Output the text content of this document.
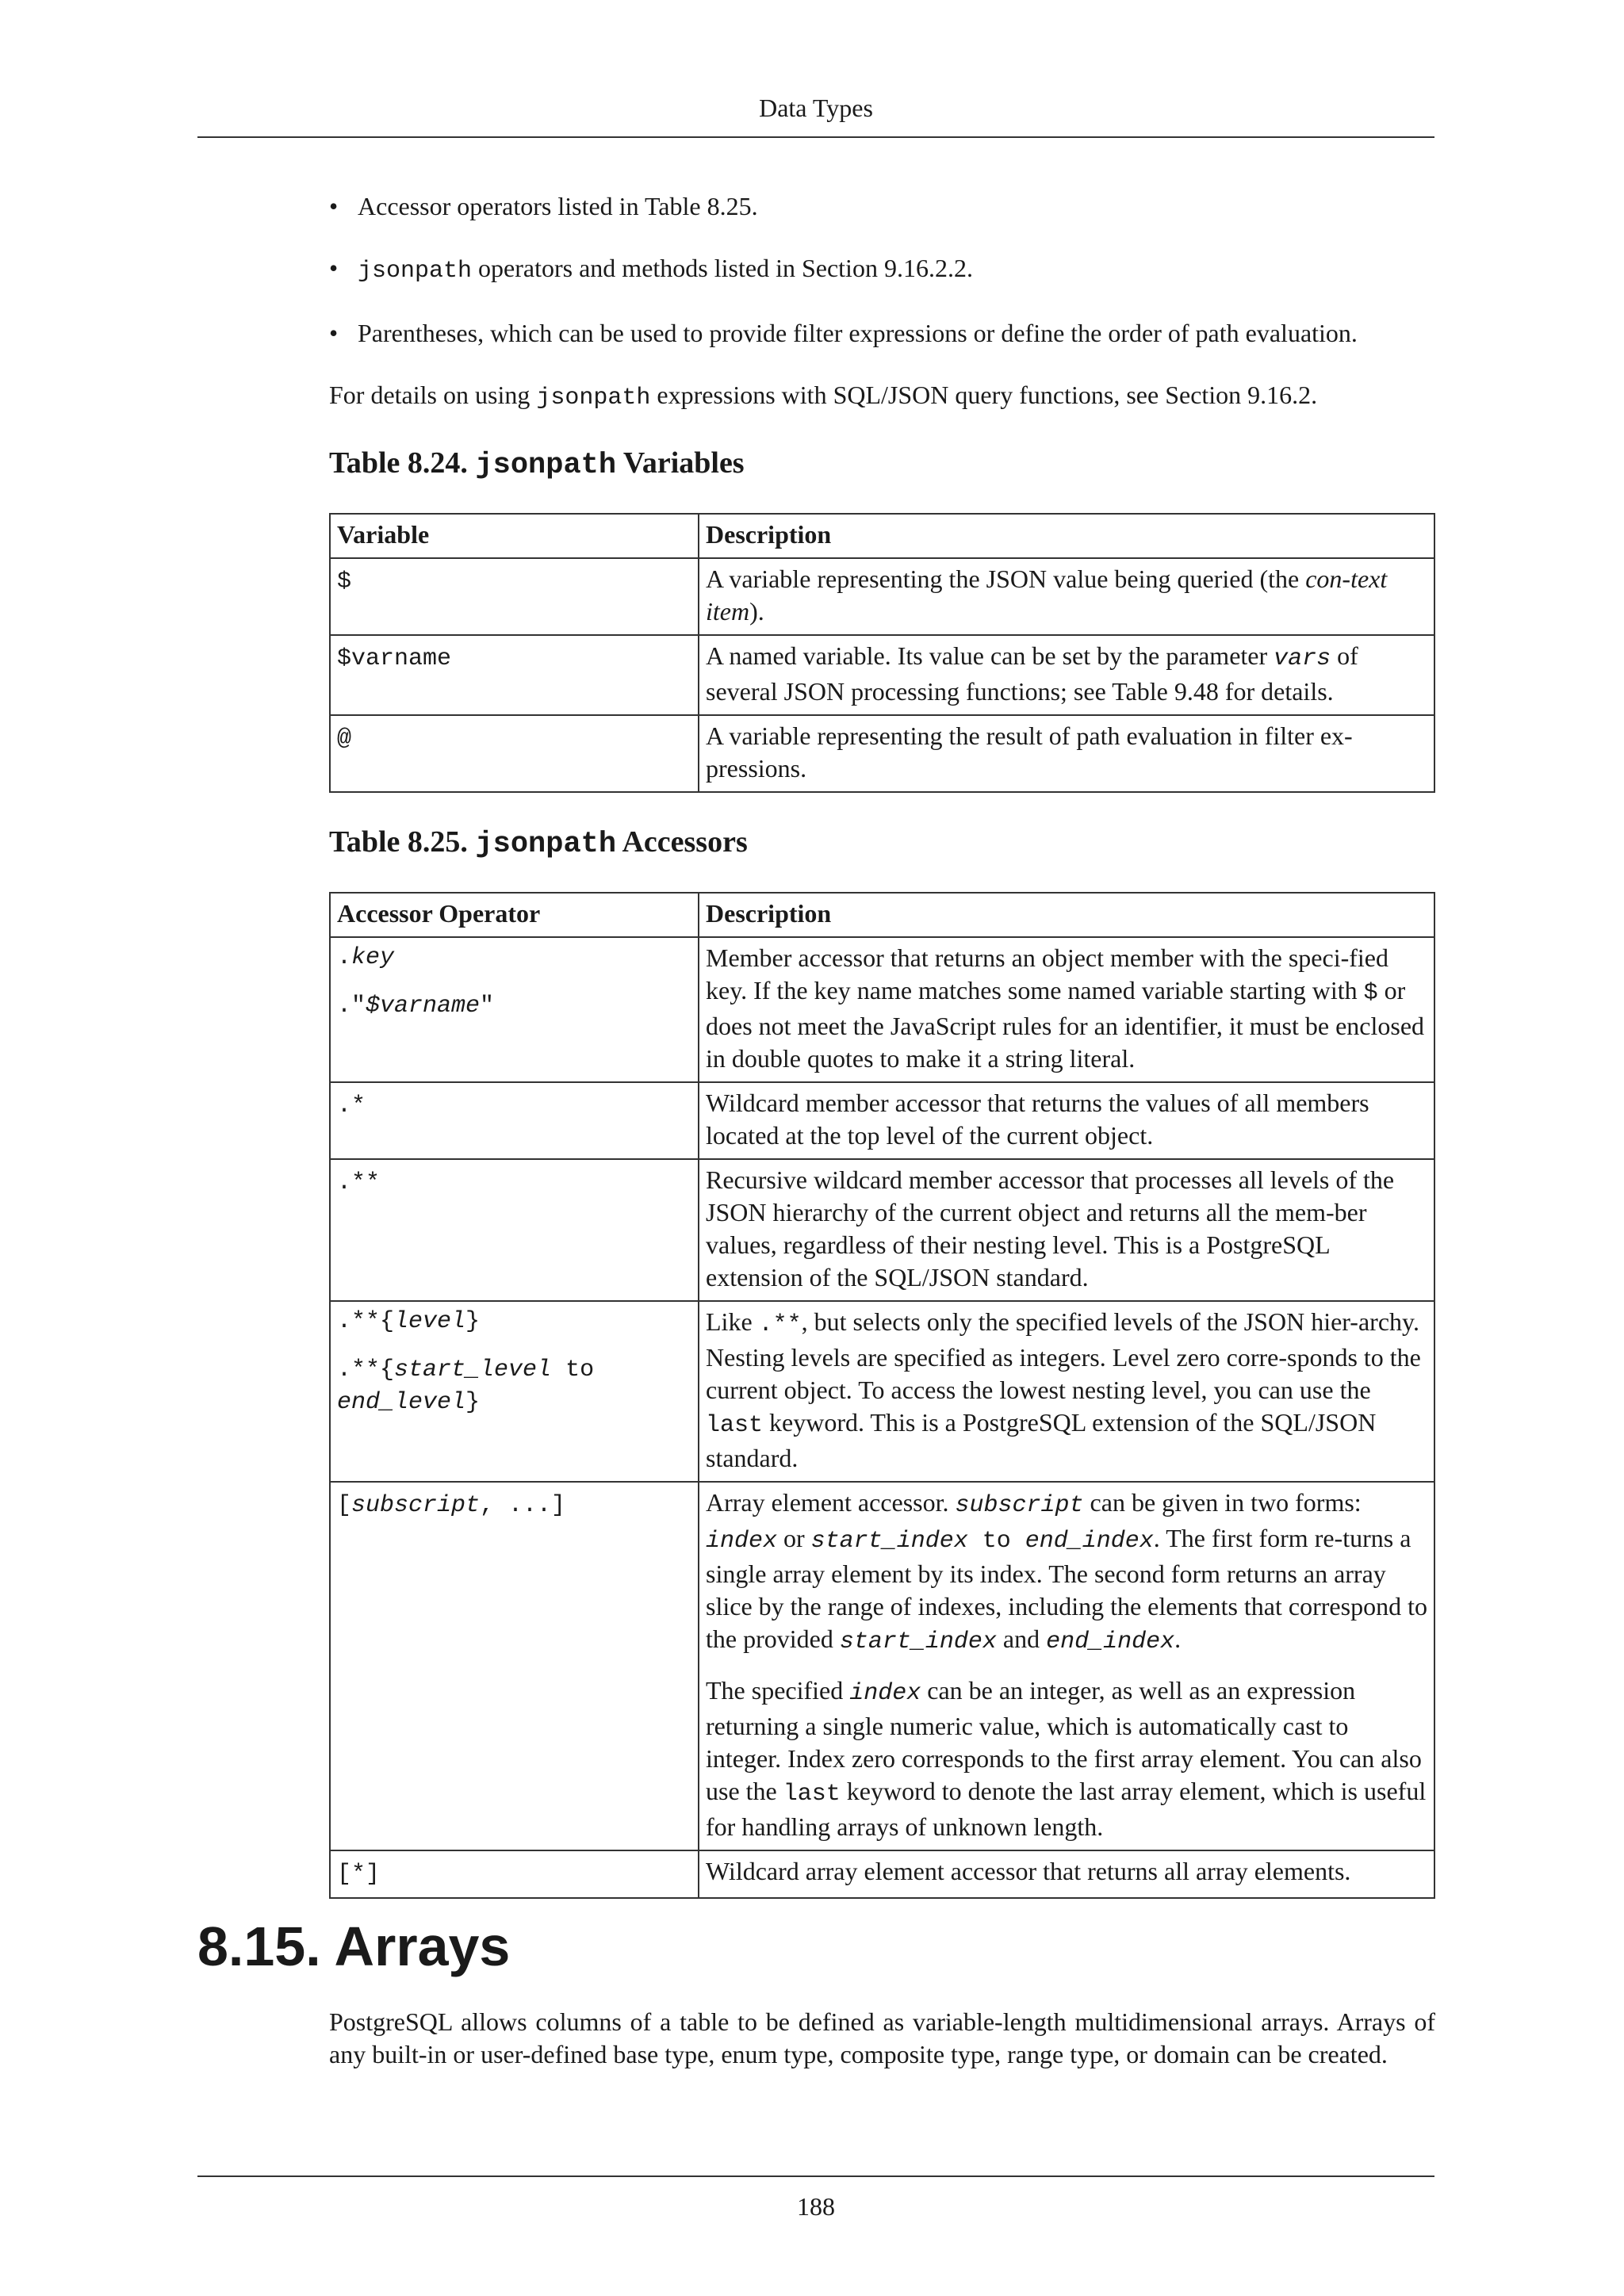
Data Types
• Accessor operators listed in Table 8.25.
• jsonpath operators and methods listed in Section 9.16.2.2.
• Parentheses, which can be used to provide filter expressions or define the order of path evaluation.

For details on using jsonpath expressions with SQL/JSON query functions, see Section 9.16.2.

Table 8.24. jsonpath Variables
Variable	Description
$	A variable representing the JSON value being queried (the con-text item).
$varname	A named variable. Its value can be set by the parameter vars of several JSON processing functions; see Table 9.48 for details.
@	A variable representing the result of path evaluation in filter ex-pressions.
Table 8.25. jsonpath Accessors
Accessor Operator	Description

.key
."$varname"	Member accessor that returns an object member with the speci-fied key. If the key name matches some named variable starting with $ or does not meet the JavaScript rules for an identifier, it must be enclosed in double quotes to make it a string literal.
.*	Wildcard member accessor that returns the values of all members located at the top level of the current object.
.**	Recursive wildcard member accessor that processes all levels of the JSON hierarchy of the current object and returns all the mem-ber values, regardless of their nesting level. This is a PostgreSQL extension of the SQL/JSON standard.

.**{level}
.**{start_level to end_level}	Like .**, but selects only the specified levels of the JSON hier-archy. Nesting levels are specified as integers. Level zero corre-sponds to the current object. To access the lowest nesting level, you can use the last keyword. This is a PostgreSQL extension of the SQL/JSON standard.
[subscript, ...]	Array element accessor. subscript can be given in two forms: index or start_index to end_index. The first form re-turns a single array element by its index. The second form returns an array slice by the range of indexes, including the elements that correspond to the provided start_index and end_index.
The specified index can be an integer, as well as an expression returning a single numeric value, which is automatically cast to integer. Index zero corresponds to the first array element. You can also use the last keyword to denote the last array element, which is useful for handling arrays of unknown length.

[*]	Wildcard array element accessor that returns all array elements.
8.15. Arrays

PostgreSQL allows columns of a table to be defined as variable-length multidimensional arrays. Arrays of any built-in or user-defined base type, enum type, composite type, range type, or domain can be created.

188
